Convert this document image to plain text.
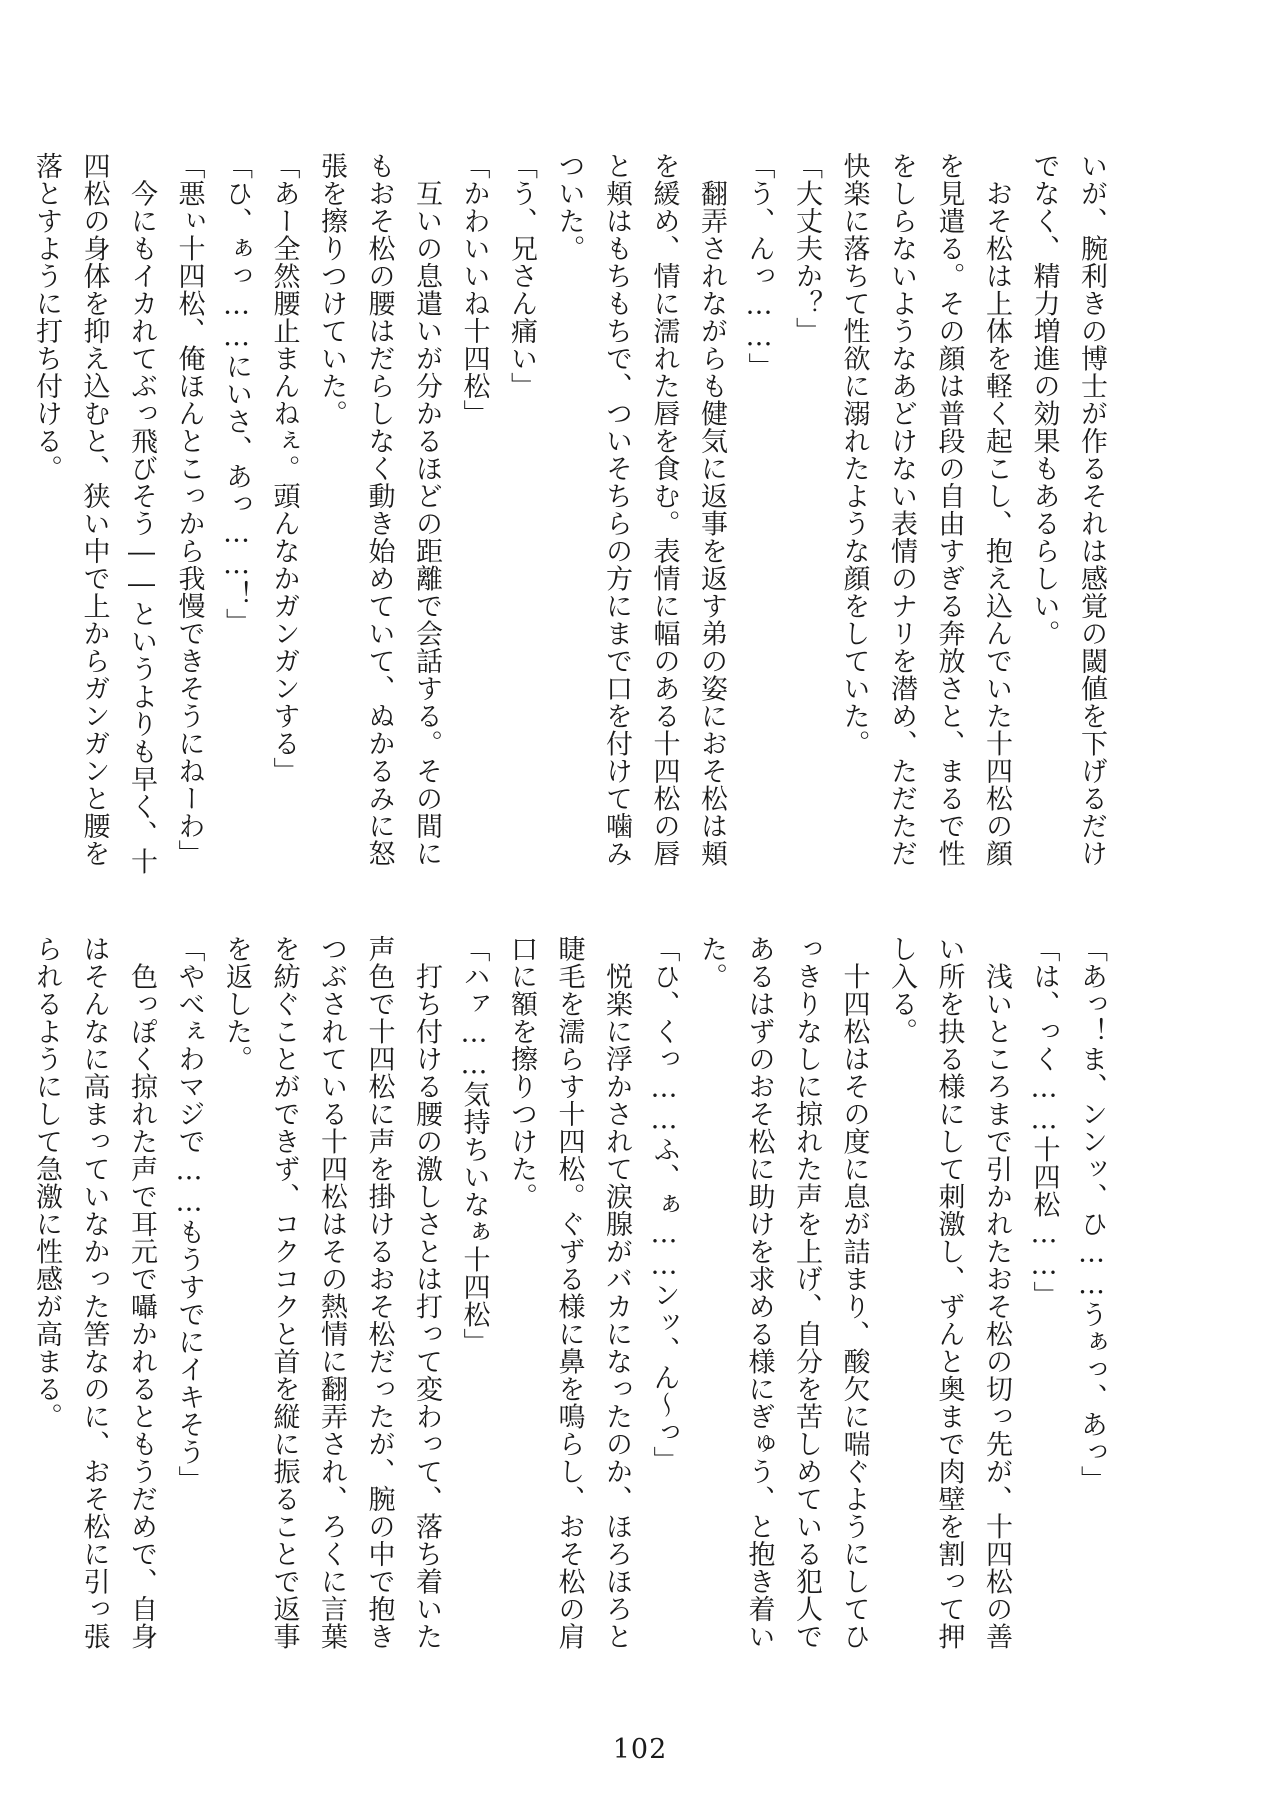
いが、腕利きの博士が作るそれは感覚の閾値を下げるだけ
でなく、精力増進の効果もあるらしい。
　おそ松は上体を軽く起こし、抱え込んでいた十四松の顔
を見遣る。その顔は普段の自由すぎる奔放さと、まるで性
をしらないようなあどけない表情のナリを潜め、ただただ
快楽に落ちて性欲に溺れたような顔をしていた。
「大丈夫か？」
「う、んっ……」
　翻弄されながらも健気に返事を返す弟の姿におそ松は頬
を緩め、情に濡れた唇を食む。表情に幅のある十四松の唇
と頬はもちもちで、ついそちらの方にまで口を付けて噛み
ついた。
「う、兄さん痛い」
「かわいいね十四松」
　互いの息遣いが分かるほどの距離で会話する。その間に
もおそ松の腰はだらしなく動き始めていて、ぬかるみに怒
張を擦りつけていた。
「あー全然腰止まんねぇ。頭んなかガンガンする」
「ひ、ぁっ……にいさ、あっ……！」
「悪ぃ十四松、俺ほんとこっから我慢できそうにねーわ」
　今にもイカれてぶっ飛びそう――というよりも早く、十
四松の身体を抑え込むと、狭い中で上からガンガンと腰を
落とすように打ち付ける。
「あっ！ま、ンンッ、ひ……うぁっ、あっ」
「は、っく……十四松……」
　浅いところまで引かれたおそ松の切っ先が、十四松の善
い所を抉る様にして刺激し、ずんと奥まで肉壁を割って押
し入る。
　十四松はその度に息が詰まり、酸欠に喘ぐようにしてひ
っきりなしに掠れた声を上げ、自分を苦しめている犯人で
あるはずのおそ松に助けを求める様にぎゅう、と抱き着い
た。
「ひ、くっ……ふ、ぁ……ンッ、ん～っ」
　悦楽に浮かされて涙腺がバカになったのか、ほろほろと
睫毛を濡らす十四松。ぐずる様に鼻を鳴らし、おそ松の肩
口に額を擦りつけた。
「ハァ……気持ちいなぁ十四松」
　打ち付ける腰の激しさとは打って変わって、落ち着いた
声色で十四松に声を掛けるおそ松だったが、腕の中で抱き
つぶされている十四松はその熱情に翻弄され、ろくに言葉
を紡ぐことができず、コクコクと首を縦に振ることで返事
を返した。
「やべぇわマジで……もうすでにイキそう」
　色っぽく掠れた声で耳元で囁かれるともうだめで、自身
はそんなに高まっていなかった筈なのに、おそ松に引っ張
られるようにして急激に性感が高まる。
102
